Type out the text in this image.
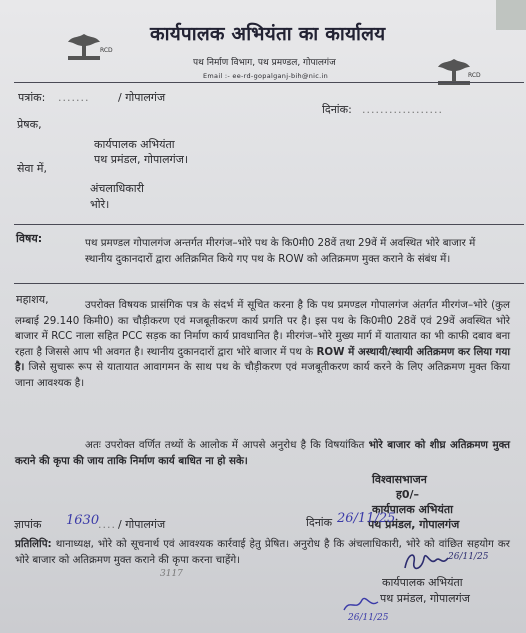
RCD
RCD
कार्यपालक अभियंता का कार्यालय
पथ निर्माण विभाग, पथ प्रमण्डल, गोपालगंज
Email :- ee-rd-gopalganj-bih@nic.in
पत्रांक: .......	/ गोपालगंज
दिनांक: ..................
प्रेषक,
कार्यपालक अभियंता
पथ प्रमंडल, गोपालगंज।
सेवा में,
अंचलाधिकारी
भोरे।
विषय:	पथ प्रमण्डल गोपालगंज अन्तर्गत मीरगंज–भोरे पथ के कि0मी0 28वें तथा 29वें में अवस्थित भोरे बाजार में स्थानीय दुकानदारों द्वारा अतिक्रमित किये गए पथ के ROW को अतिक्रमण मुक्त कराने के संबंध में।
महाशय,	उपरोक्त विषयक प्रासंगिक पत्र के संदर्भ में सूचित करना है कि पथ प्रमण्डल गोपालगंज अंतर्गत मीरगंज–भोरे (कुल लम्बाई 29.140 किमी0) का चौड़ीकरण एवं मजबूतीकरण कार्य प्रगति पर है। इस पथ के कि0मी0 28वें एवं 29वें अवस्थित भोरे बाजार में RCC नाला सहित PCC सड़क का निर्माण कार्य प्रावधानित है। मीरगंज–भोरे मुख्य मार्ग में यातायात का भी काफी दबाव बना रहता है जिससे आप भी अवगत है। स्थानीय दुकानदारों द्वारा भोरे बाजार में पथ के ROW में अस्थायी/स्थायी अतिक्रमण कर लिया गया है। जिसे सुचारू रूप से यातायात आवागमन के साथ पथ के चौड़ीकरण एवं मजबूतीकरण कार्य करने के लिए अतिक्रमण मुक्त किया जाना आवश्यक है।
अतः उपरोक्त वर्णित तथ्यों के आलोक में आपसे अनुरोध है कि विषयांकित भोरे बाजार को शीघ्र अतिक्रमण मुक्त कराने की कृपा की जाय ताकि निर्माण कार्य बाधित ना हो सके।
विश्वासभाजन
ह0/–
कार्यपालक अभियंता
पथ प्रमंडल, गोपालगंज
ज्ञापांक 1630
.... / गोपालगंज	दिनांक 26/11/25
प्रतिलिपि: थानाध्यक्ष, भोरे को सूचनार्थ एवं आवश्यक कार्रवाई हेतु प्रेषित। अनुरोध है कि अंचलाधिकारी, भोरे को वांछित सहयोग कर भोरे बाजार को अतिक्रमण मुक्त कराने की कृपा करना चाहेंगे।
3117
26/11/25
कार्यपालक अभियंता
पथ प्रमंडल, गोपालगंज
26/11/25
